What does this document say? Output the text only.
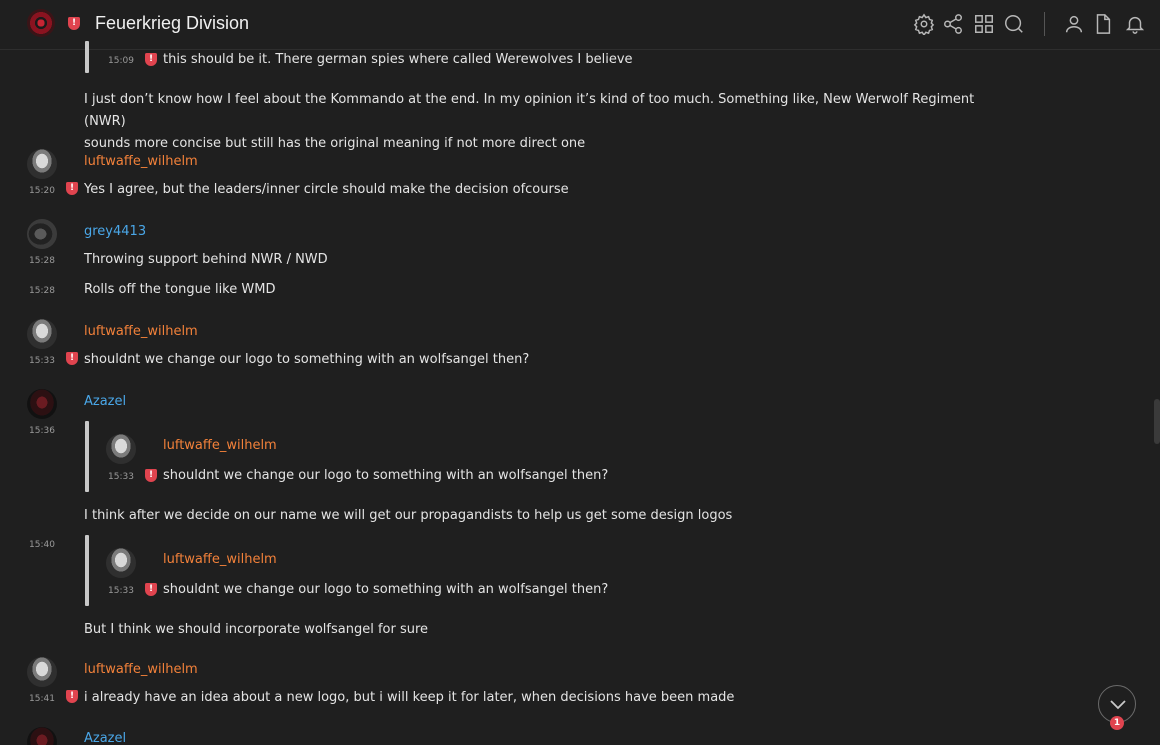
! Feuerkrieg Division
15:09	! this should be it. There german spies where called Werewolves I believe
I just don’t know how I feel about the Kommando at the end. In my opinion it’s kind of too much. Something like, New Werwolf Regiment (NWR)
sounds more concise but still has the original meaning if not more direct one
luftwaffe_wilhelm
15:20	! Yes I agree, but the leaders/inner circle should make the decision ofcourse
grey4413
15:28 Throwing support behind NWR / NWD
15:28 Rolls off the tongue like WMD
luftwaffe_wilhelm
15:33	! shouldnt we change our logo to something with an wolfsangel then?
Azazel
15:36
luftwaffe_wilhelm
15:33	! shouldnt we change our logo to something with an wolfsangel then?
I think after we decide on our name we will get our propagandists to help us get some design logos
15:40
luftwaffe_wilhelm
15:33	! shouldnt we change our logo to something with an wolfsangel then?
But I think we should incorporate wolfsangel for sure
luftwaffe_wilhelm
15:41	! i already have an idea about a new logo, but i will keep it for later, when decisions have been made
Azazel
1
